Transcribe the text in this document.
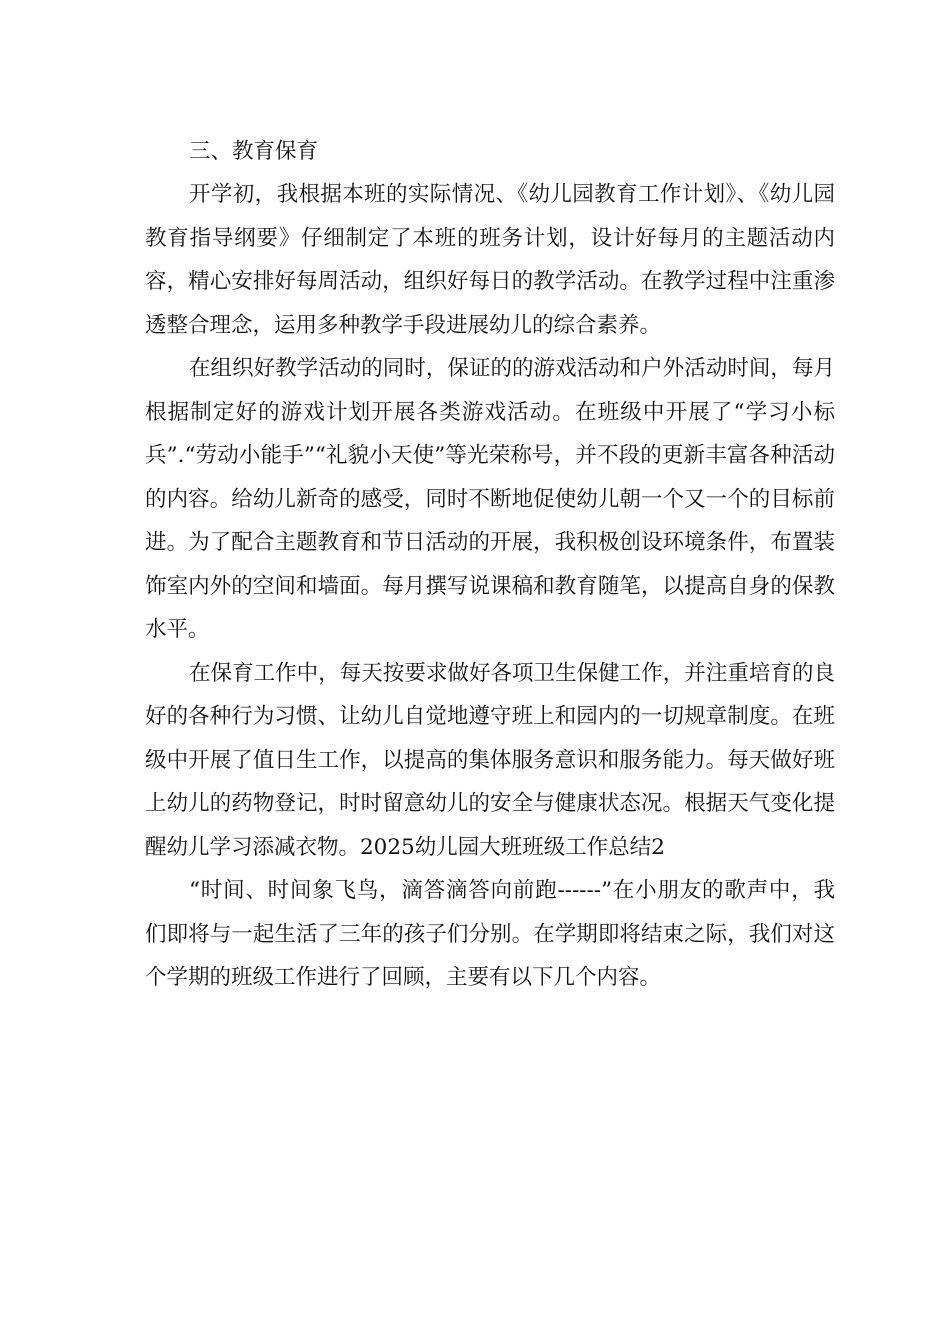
三、教育保育

开学初，我根据本班的实际情况、《幼儿园教育工作计划》、《幼儿园教育指导纲要》仔细制定了本班的班务计划，设计好每月的主题活动内容，精心安排好每周活动，组织好每日的教学活动。在教学过程中注重渗透整合理念，运用多种教学手段进展幼儿的综合素养。

在组织好教学活动的同时，保证的的游戏活动和户外活动时间，每月根据制定好的游戏计划开展各类游戏活动。在班级中开展了“学习小标兵”.“劳动小能手”“礼貌小天使”等光荣称号，并不段的更新丰富各种活动的内容。给幼儿新奇的感受，同时不断地促使幼儿朝一个又一个的目标前进。为了配合主题教育和节日活动的开展，我积极创设环境条件，布置装饰室内外的空间和墙面。每月撰写说课稿和教育随笔，以提高自身的保教水平。

在保育工作中，每天按要求做好各项卫生保健工作，并注重培育的良好的各种行为习惯、让幼儿自觉地遵守班上和园内的一切规章制度。在班级中开展了值日生工作，以提高的集体服务意识和服务能力。每天做好班上幼儿的药物登记，时时留意幼儿的安全与健康状态况。根据天气变化提醒幼儿学习添减衣物。2025幼儿园大班班级工作总结2

“时间、时间象飞鸟，滴答滴答向前跑------”在小朋友的歌声中，我们即将与一起生活了三年的孩子们分别。在学期即将结束之际，我们对这个学期的班级工作进行了回顾，主要有以下几个内容。
